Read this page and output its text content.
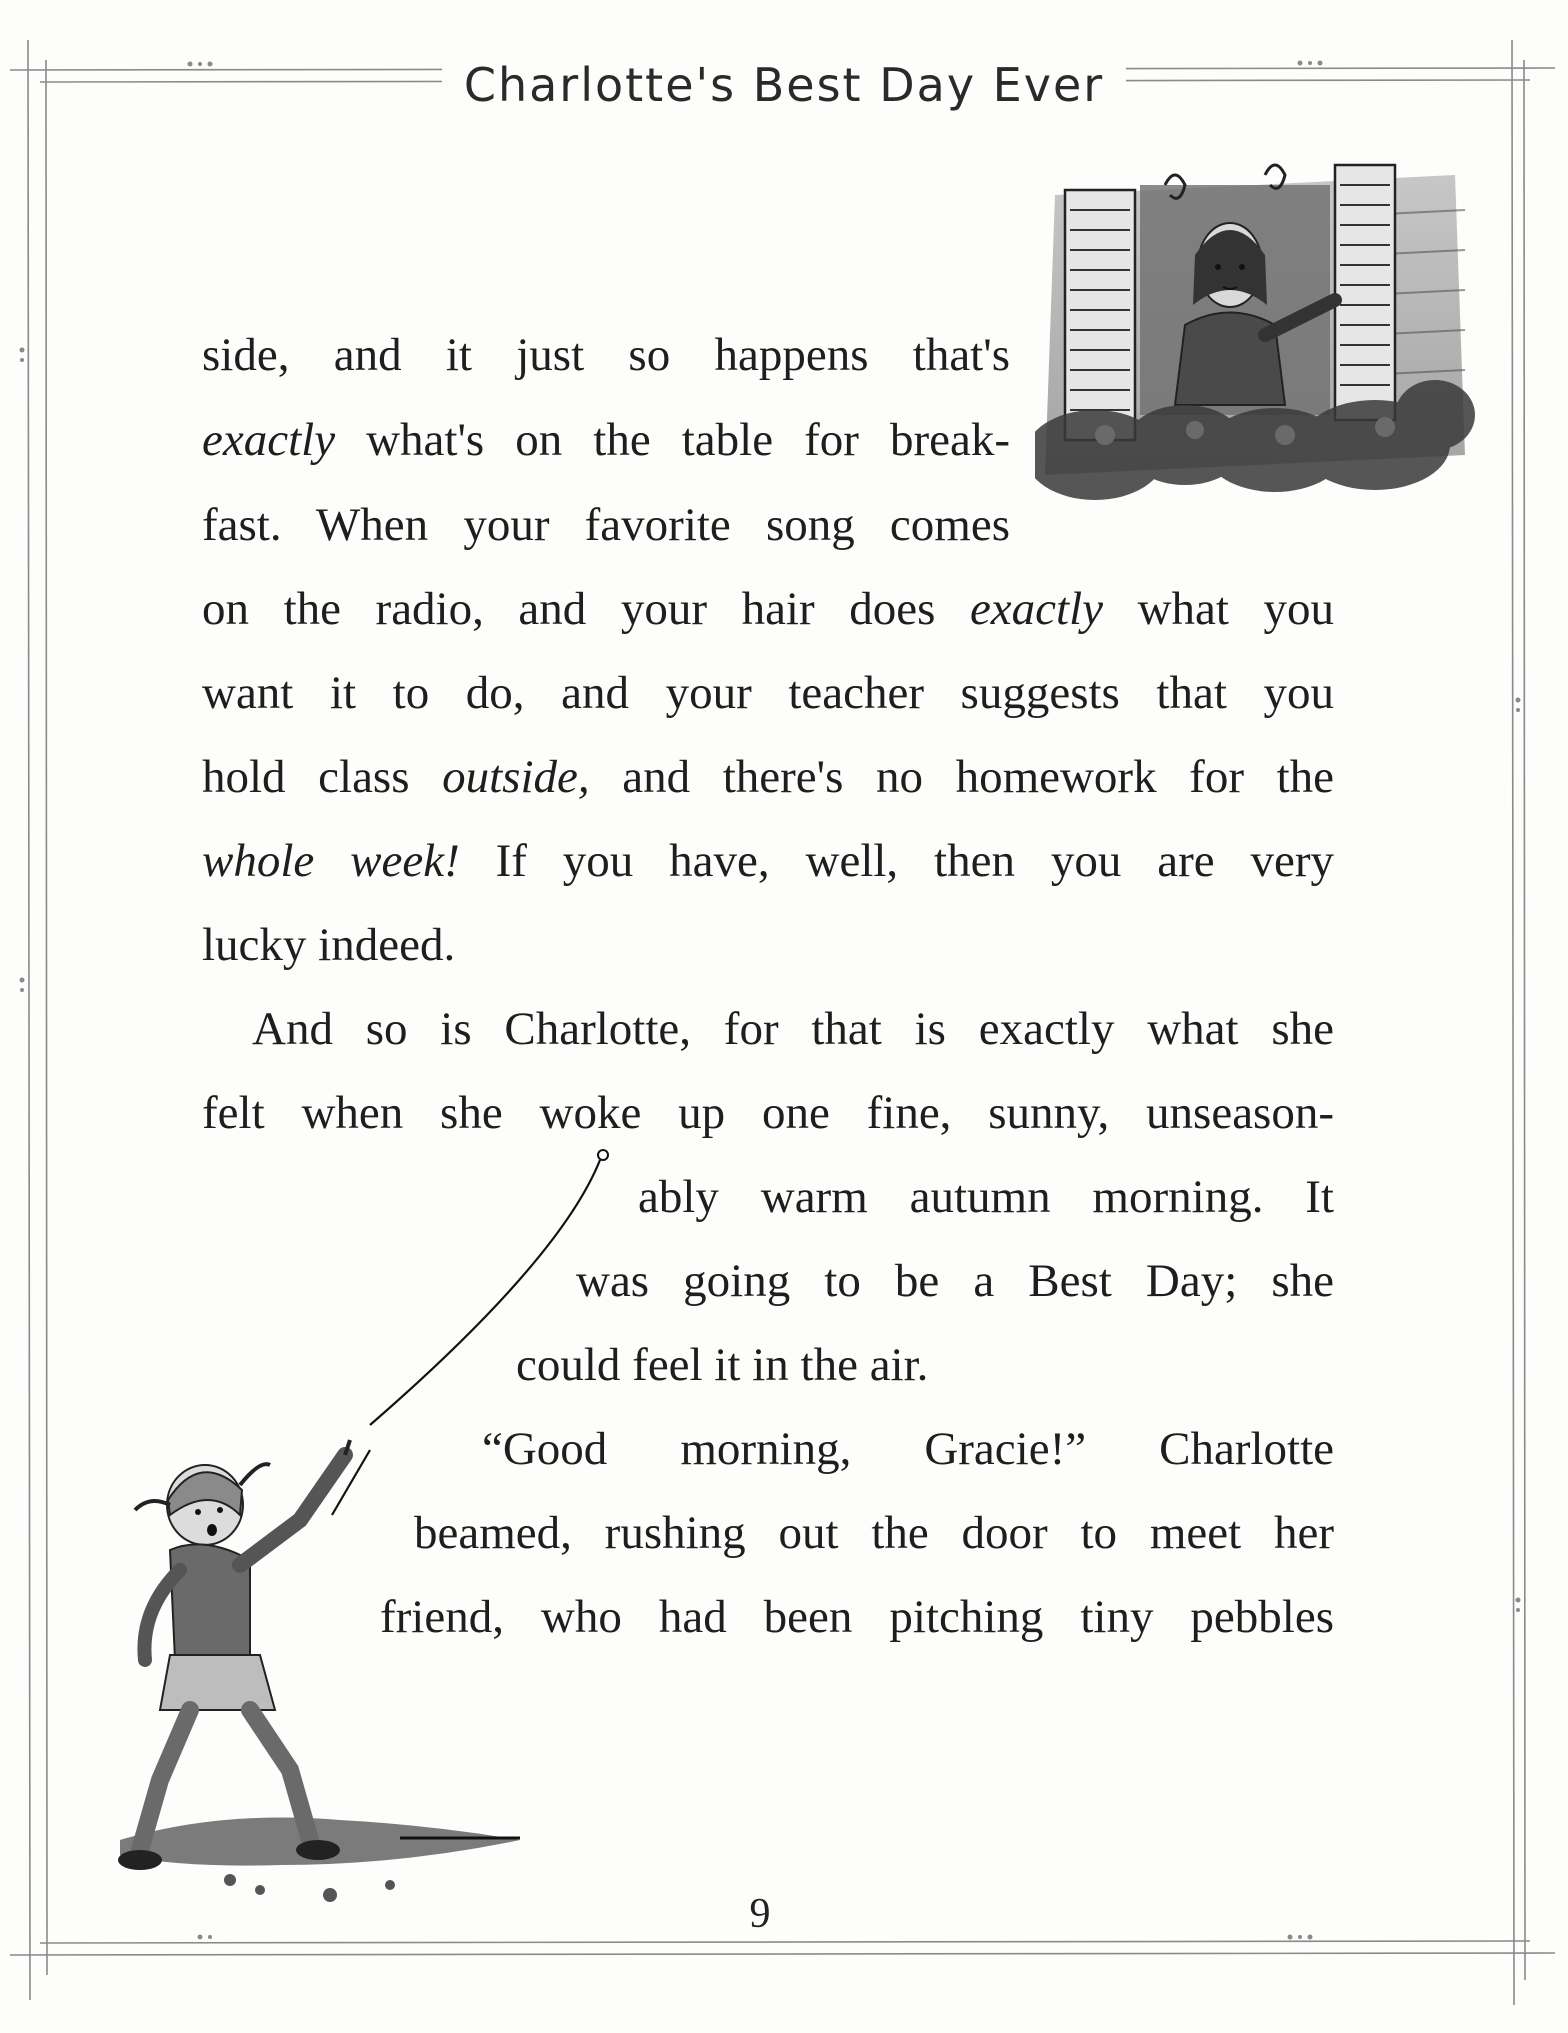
Charlotte's Best Day Ever
side, and it just so happens that's
exactly what's on the table for break-
fast. When your favorite song comes
on the radio, and your hair does exactly what you
want it to do, and your teacher suggests that you
hold class outside, and there's no homework for the
whole week! If you have, well, then you are very
lucky indeed.
And so is Charlotte, for that is exactly what she
felt when she woke up one fine, sunny, unseason-
ably warm autumn morning. It
was going to be a Best Day; she
could feel it in the air.
“Good morning, Gracie!” Charlotte
beamed, rushing out the door to meet her
friend, who had been pitching tiny pebbles
9
